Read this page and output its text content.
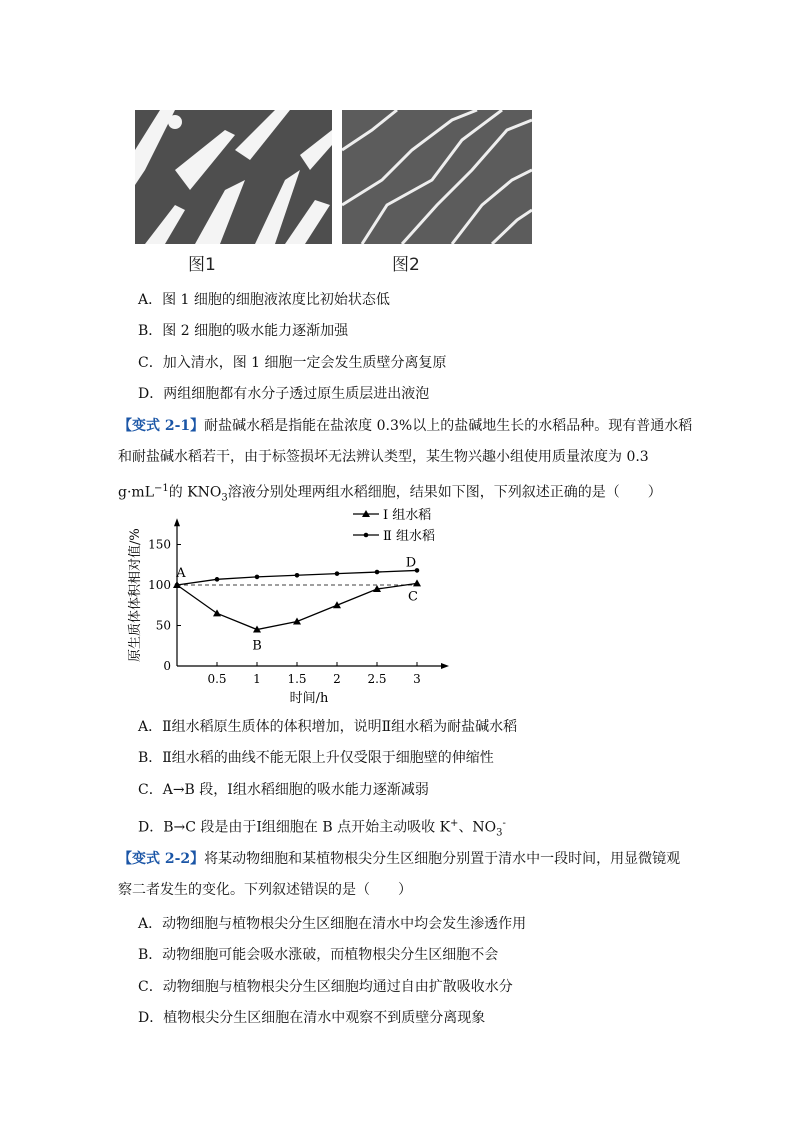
图1	图2
A．图 1 细胞的细胞液浓度比初始状态低
B．图 2 细胞的吸水能力逐渐加强
C．加入清水，图 1 细胞一定会发生质壁分离复原
D．两组细胞都有水分子透过原生质层进出液泡
【变式 2-1】耐盐碱水稻是指能在盐浓度 0.3%以上的盐碱地生长的水稻品种。现有普通水稻
和耐盐碱水稻若干，由于标签损坏无法辨认类型，某生物兴趣小组使用质量浓度为 0.3
$g\cdot mL^{-1}$的 $KNO_3$溶液分别处理两组水稻细胞，结果如下图，下列叙述正确的是（　　）
0
50
100
150
0.5 1 1.5 2 2.5 3
时间/h
原生质体体积相对值/%	A
B
C
D
Ⅰ 组水稻
Ⅱ 组水稻
A．Ⅱ组水稻原生质体的体积增加，说明Ⅱ组水稻为耐盐碱水稻
B．Ⅱ组水稻的曲线不能无限上升仅受限于细胞壁的伸缩性
C．A→B 段，Ⅰ组水稻细胞的吸水能力逐渐减弱
D．B→C 段是由于Ⅰ组细胞在 B 点开始主动吸收 K+、$NO_3^-$
【变式 2-2】将某动物细胞和某植物根尖分生区细胞分别置于清水中一段时间，用显微镜观
察二者发生的变化。下列叙述错误的是（　　）
A．动物细胞与植物根尖分生区细胞在清水中均会发生渗透作用
B．动物细胞可能会吸水涨破，而植物根尖分生区细胞不会
C．动物细胞与植物根尖分生区细胞均通过自由扩散吸收水分
D．植物根尖分生区细胞在清水中观察不到质壁分离现象
